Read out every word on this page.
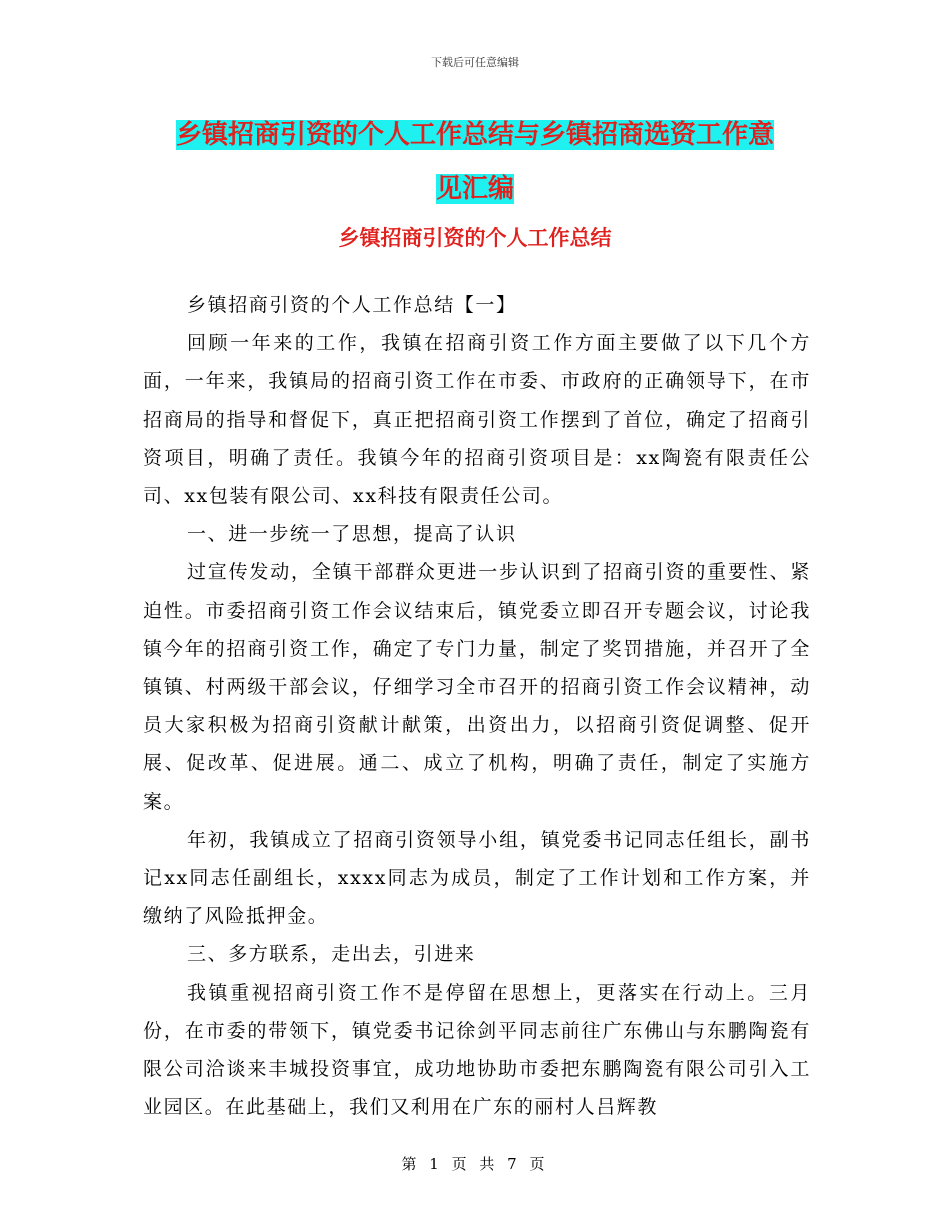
下载后可任意编辑
乡镇招商引资的个人工作总结与乡镇招商选资工作意
见汇编
乡镇招商引资的个人工作总结

乡镇招商引资的个人工作总结【一】

回顾一年来的工作，我镇在招商引资工作方面主要做了以下几个方面，一年来，我镇局的招商引资工作在市委、市政府的正确领导下，在市招商局的指导和督促下，真正把招商引资工作摆到了首位，确定了招商引资项目，明确了责任。我镇今年的招商引资项目是：xx陶瓷有限责任公司、xx包装有限公司、xx科技有限责任公司。

一、进一步统一了思想，提高了认识

过宣传发动，全镇干部群众更进一步认识到了招商引资的重要性、紧迫性。市委招商引资工作会议结束后，镇党委立即召开专题会议，讨论我镇今年的招商引资工作，确定了专门力量，制定了奖罚措施，并召开了全镇镇、村两级干部会议，仔细学习全市召开的招商引资工作会议精神，动员大家积极为招商引资献计献策，出资出力，以招商引资促调整、促开展、促改革、促进展。通二、成立了机构，明确了责任，制定了实施方案。

年初，我镇成立了招商引资领导小组，镇党委书记同志任组长，副书记xx同志任副组长，xxxx同志为成员，制定了工作计划和工作方案，并缴纳了风险抵押金。

三、多方联系，走出去，引进来

我镇重视招商引资工作不是停留在思想上，更落实在行动上。三月份，在市委的带领下，镇党委书记徐剑平同志前往广东佛山与东鹏陶瓷有限公司洽谈来丰城投资事宜，成功地协助市委把东鹏陶瓷有限公司引入工业园区。在此基础上，我们又利用在广东的丽村人吕辉教

第 1 页 共 7 页
